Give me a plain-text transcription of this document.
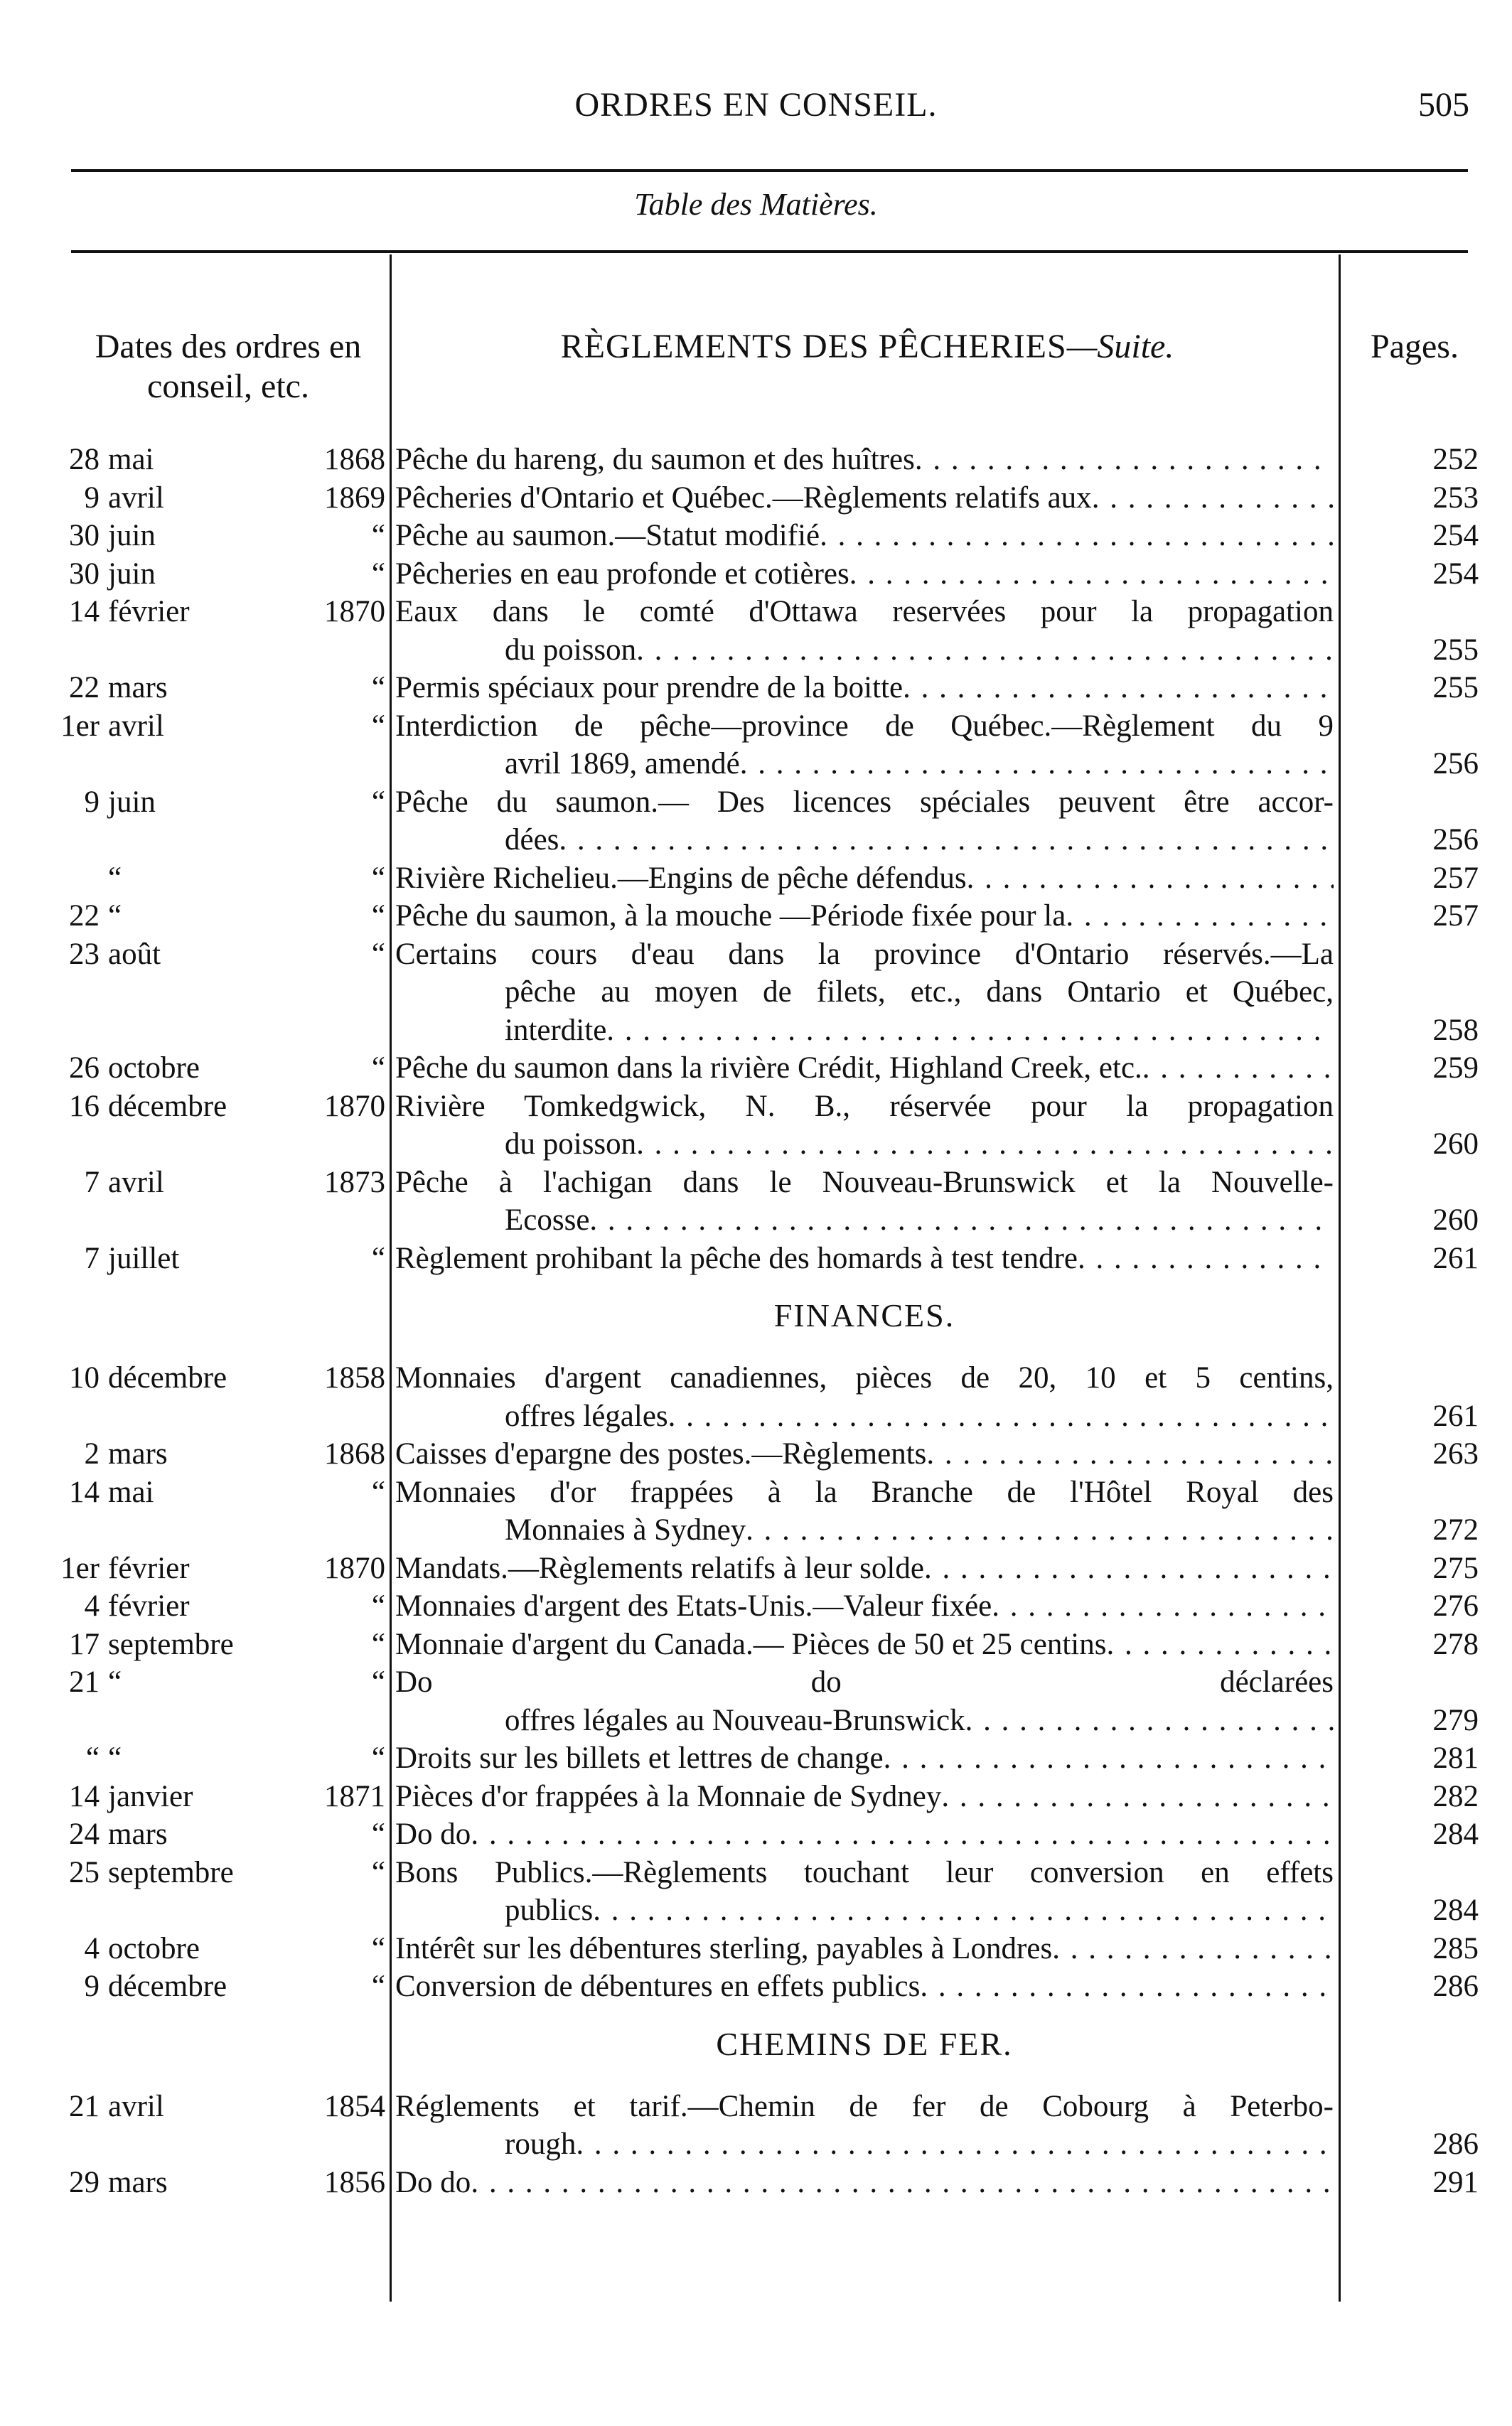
ORDRES EN CONSEIL.	505
Table des Matières.
Dates des ordres en
conseil, etc.
RÈGLEMENTS DES PÊCHERIES—Suite.	Pages.
28 mai	1868 Pêche du hareng, du saumon et des huîtres . . .	252
9 avril	1869 Pêcheries d'Ontario et Québec.—Règlements relatifs aux . . .	253
30 juin	“ Pêche au saumon.—Statut modifié . . .	254
30 juin	“ Pêcheries en eau profonde et cotières . . .	254
14 février	1870 Eaux dans le comté d'Ottawa reservées pour la propagation
du poisson . . .	255
22 mars	“ Permis spéciaux pour prendre de la boitte . . .	255
1er avril	“ Interdiction de pêche—province de Québec.—Règlement du 9
avril 1869, amendé . . .	256
9 juin	“ Pêche du saumon.— Des licences spéciales peuvent être accor-
dées . . .	256
“	“ Rivière Richelieu.—Engins de pêche défendus . . .	257
22 “	“ Pêche du saumon, à la mouche —Période fixée pour la . . .	257
23 août	“ Certains cours d'eau dans la province d'Ontario réservés.—La
pêche au moyen de filets, etc., dans Ontario et Québec,
interdite . . .	258
26 octobre	“ Pêche du saumon dans la rivière Crédit, Highland Creek, etc. . . .	259
16 décembre	1870 Rivière Tomkedgwick, N. B., réservée pour la propagation
du poisson . . .	260
7 avril	1873 Pêche à l'achigan dans le Nouveau-Brunswick et la Nouvelle-
Ecosse . . .	260
7 juillet	“ Règlement prohibant la pêche des homards à test tendre . . .	261
FINANCES.
10 décembre	1858 Monnaies d'argent canadiennes, pièces de 20, 10 et 5 centins,
offres légales . . .	261
2 mars	1868 Caisses d'epargne des postes.—Règlements . . .	263
14 mai	“ Monnaies d'or frappées à la Branche de l'Hôtel Royal des
Monnaies à Sydney . . .	272
1er février	1870 Mandats.—Règlements relatifs à leur solde . . .	275
4 février	“ Monnaies d'argent des Etats-Unis.—Valeur fixée . . .	276
17 septembre	“ Monnaie d'argent du Canada.— Pièces de 50 et 25 centins . . .	278
21 “	“ Do do déclarées
offres légales au Nouveau-Brunswick . . .	279
“ “	“ Droits sur les billets et lettres de change . . .	281
14 janvier	1871 Pièces d'or frappées à la Monnaie de Sydney . . .	282
24 mars	“ Do do . . .	284
25 septembre	“ Bons Publics.—Règlements touchant leur conversion en effets
publics . . .	284
4 octobre	“ Intérêt sur les débentures sterling, payables à Londres . . .	285
9 décembre	“ Conversion de débentures en effets publics . . .	286
CHEMINS DE FER.
21 avril	1854 Réglements et tarif.—Chemin de fer de Cobourg à Peterbo-
rough . . .	286
29 mars	1856 Do do . . .	291
